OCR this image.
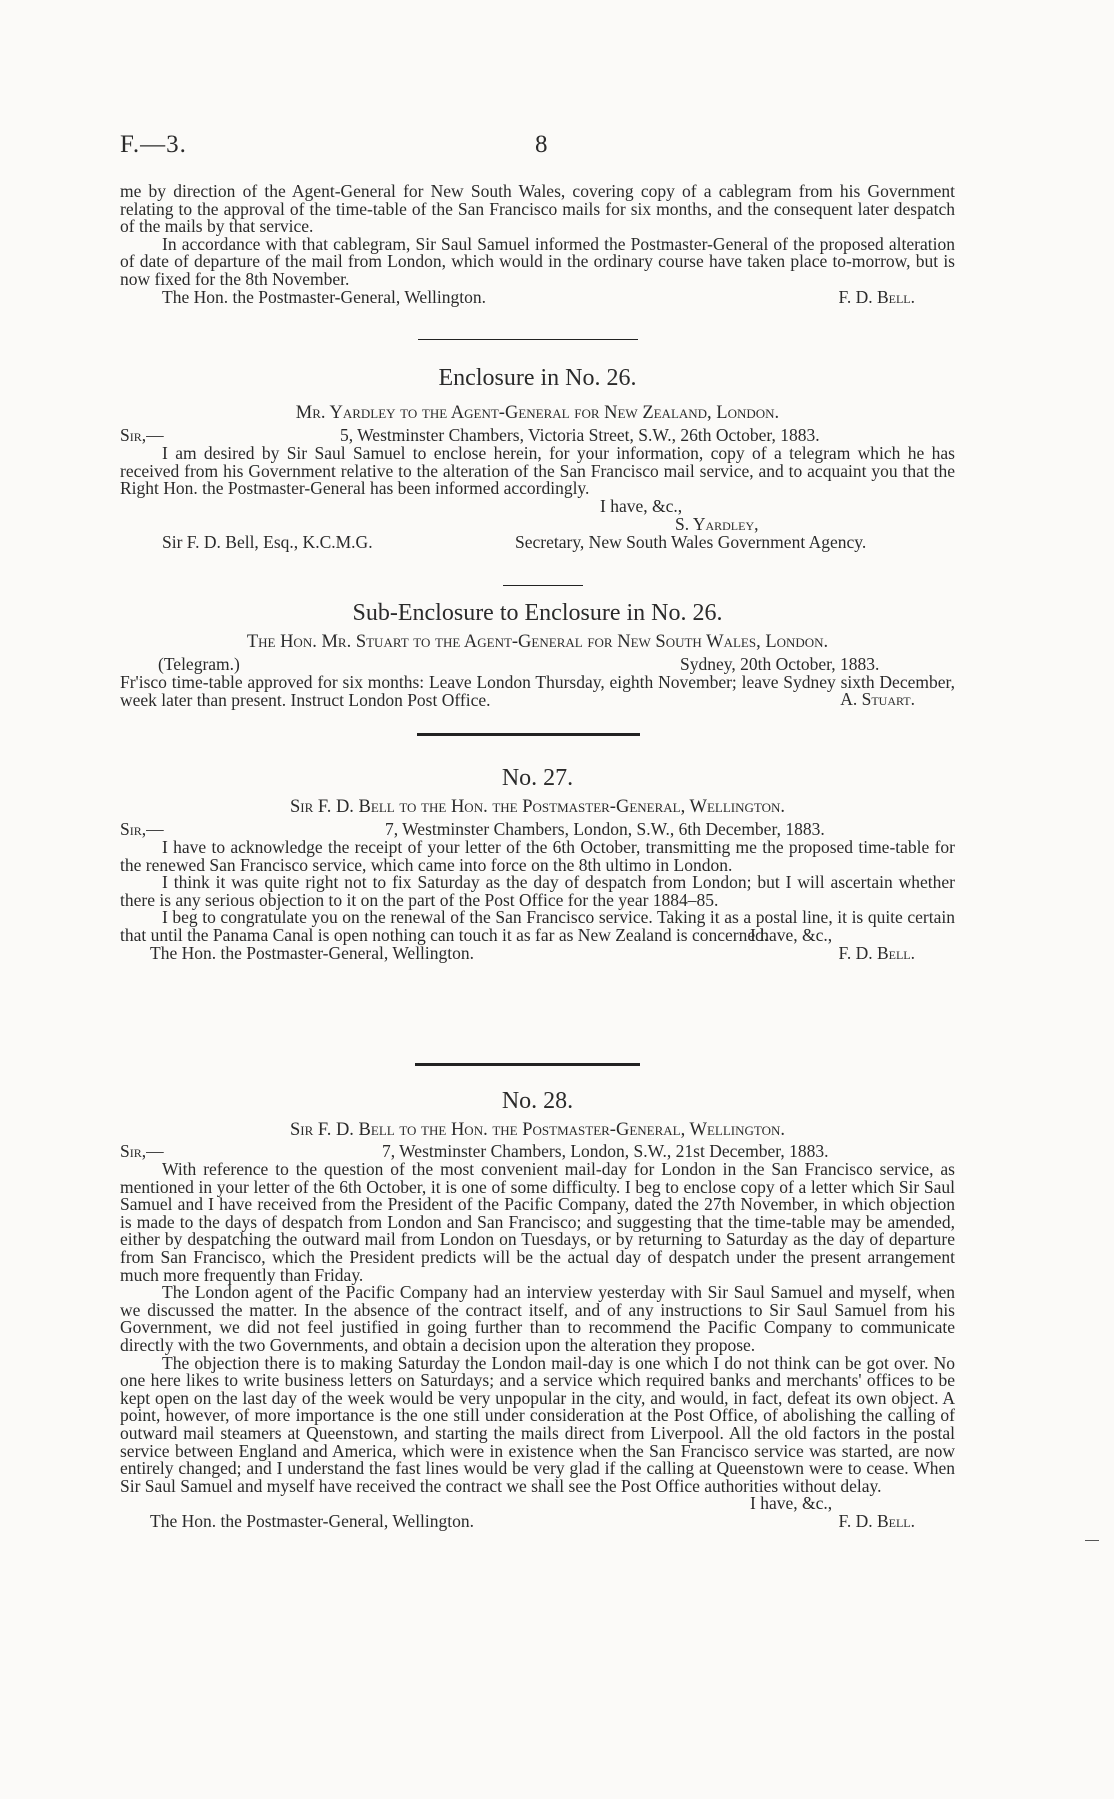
F.—3.	8

me by direction of the Agent-General for New South Wales, covering copy of a cablegram from his Government relating to the approval of the time-table of the San Francisco mails for six months, and the consequent later despatch of the mails by that service.

In accordance with that cablegram, Sir Saul Samuel informed the Postmaster-General of the proposed alteration of date of departure of the mail from London, which would in the ordinary course have taken place to-morrow, but is now fixed for the 8th November.

The Hon. the Postmaster-General, Wellington.	F. D. Bell.
Enclosure in No. 26.
Mr. Yardley to the Agent-General for New Zealand, London.
Sir,—	5, Westminster Chambers, Victoria Street, S.W., 26th October, 1883.

I am desired by Sir Saul Samuel to enclose herein, for your information, copy of a telegram which he has received from his Government relative to the alteration of the San Francisco mail service, and to acquaint you that the Right Hon. the Postmaster-General has been informed accordingly.

I have, &c.,
S. Yardley,
Sir F. D. Bell, Esq., K.C.M.G.	Secretary, New South Wales Government Agency.
Sub-Enclosure to Enclosure in No. 26.
The Hon. Mr. Stuart to the Agent-General for New South Wales, London.
(Telegram.)	Sydney, 20th October, 1883.

Fr'isco time-table approved for six months: Leave London Thursday, eighth November; leave Sydney sixth December, week later than present. Instruct London Post Office.	A. Stuart.
No. 27.
Sir F. D. Bell to the Hon. the Postmaster-General, Wellington.
Sir,—	7, Westminster Chambers, London, S.W., 6th December, 1883.

I have to acknowledge the receipt of your letter of the 6th October, transmitting me the proposed time-table for the renewed San Francisco service, which came into force on the 8th ultimo in London.

I think it was quite right not to fix Saturday as the day of despatch from London; but I will ascertain whether there is any serious objection to it on the part of the Post Office for the year 1884–85.

I beg to congratulate you on the renewal of the San Francisco service. Taking it as a postal line, it is quite certain that until the Panama Canal is open nothing can touch it as far as New Zealand is concerned.

I have, &c.,
The Hon. the Postmaster-General, Wellington.	F. D. Bell.
No. 28.
Sir F. D. Bell to the Hon. the Postmaster-General, Wellington.
Sir,—	7, Westminster Chambers, London, S.W., 21st December, 1883.

With reference to the question of the most convenient mail-day for London in the San Francisco service, as mentioned in your letter of the 6th October, it is one of some difficulty. I beg to enclose copy of a letter which Sir Saul Samuel and I have received from the President of the Pacific Company, dated the 27th November, in which objection is made to the days of despatch from London and San Francisco; and suggesting that the time-table may be amended, either by despatching the outward mail from London on Tuesdays, or by returning to Saturday as the day of departure from San Francisco, which the President predicts will be the actual day of despatch under the present arrangement much more frequently than Friday.

The London agent of the Pacific Company had an interview yesterday with Sir Saul Samuel and myself, when we discussed the matter. In the absence of the contract itself, and of any instructions to Sir Saul Samuel from his Government, we did not feel justified in going further than to recommend the Pacific Company to communicate directly with the two Governments, and obtain a decision upon the alteration they propose.

The objection there is to making Saturday the London mail-day is one which I do not think can be got over. No one here likes to write business letters on Saturdays; and a service which required banks and merchants' offices to be kept open on the last day of the week would be very unpopular in the city, and would, in fact, defeat its own object. A point, however, of more importance is the one still under consideration at the Post Office, of abolishing the calling of outward mail steamers at Queenstown, and starting the mails direct from Liverpool. All the old factors in the postal service between England and America, which were in existence when the San Francisco service was started, are now entirely changed; and I understand the fast lines would be very glad if the calling at Queenstown were to cease. When Sir Saul Samuel and myself have received the contract we shall see the Post Office authorities without delay.

I have, &c.,
The Hon. the Postmaster-General, Wellington.	F. D. Bell.
